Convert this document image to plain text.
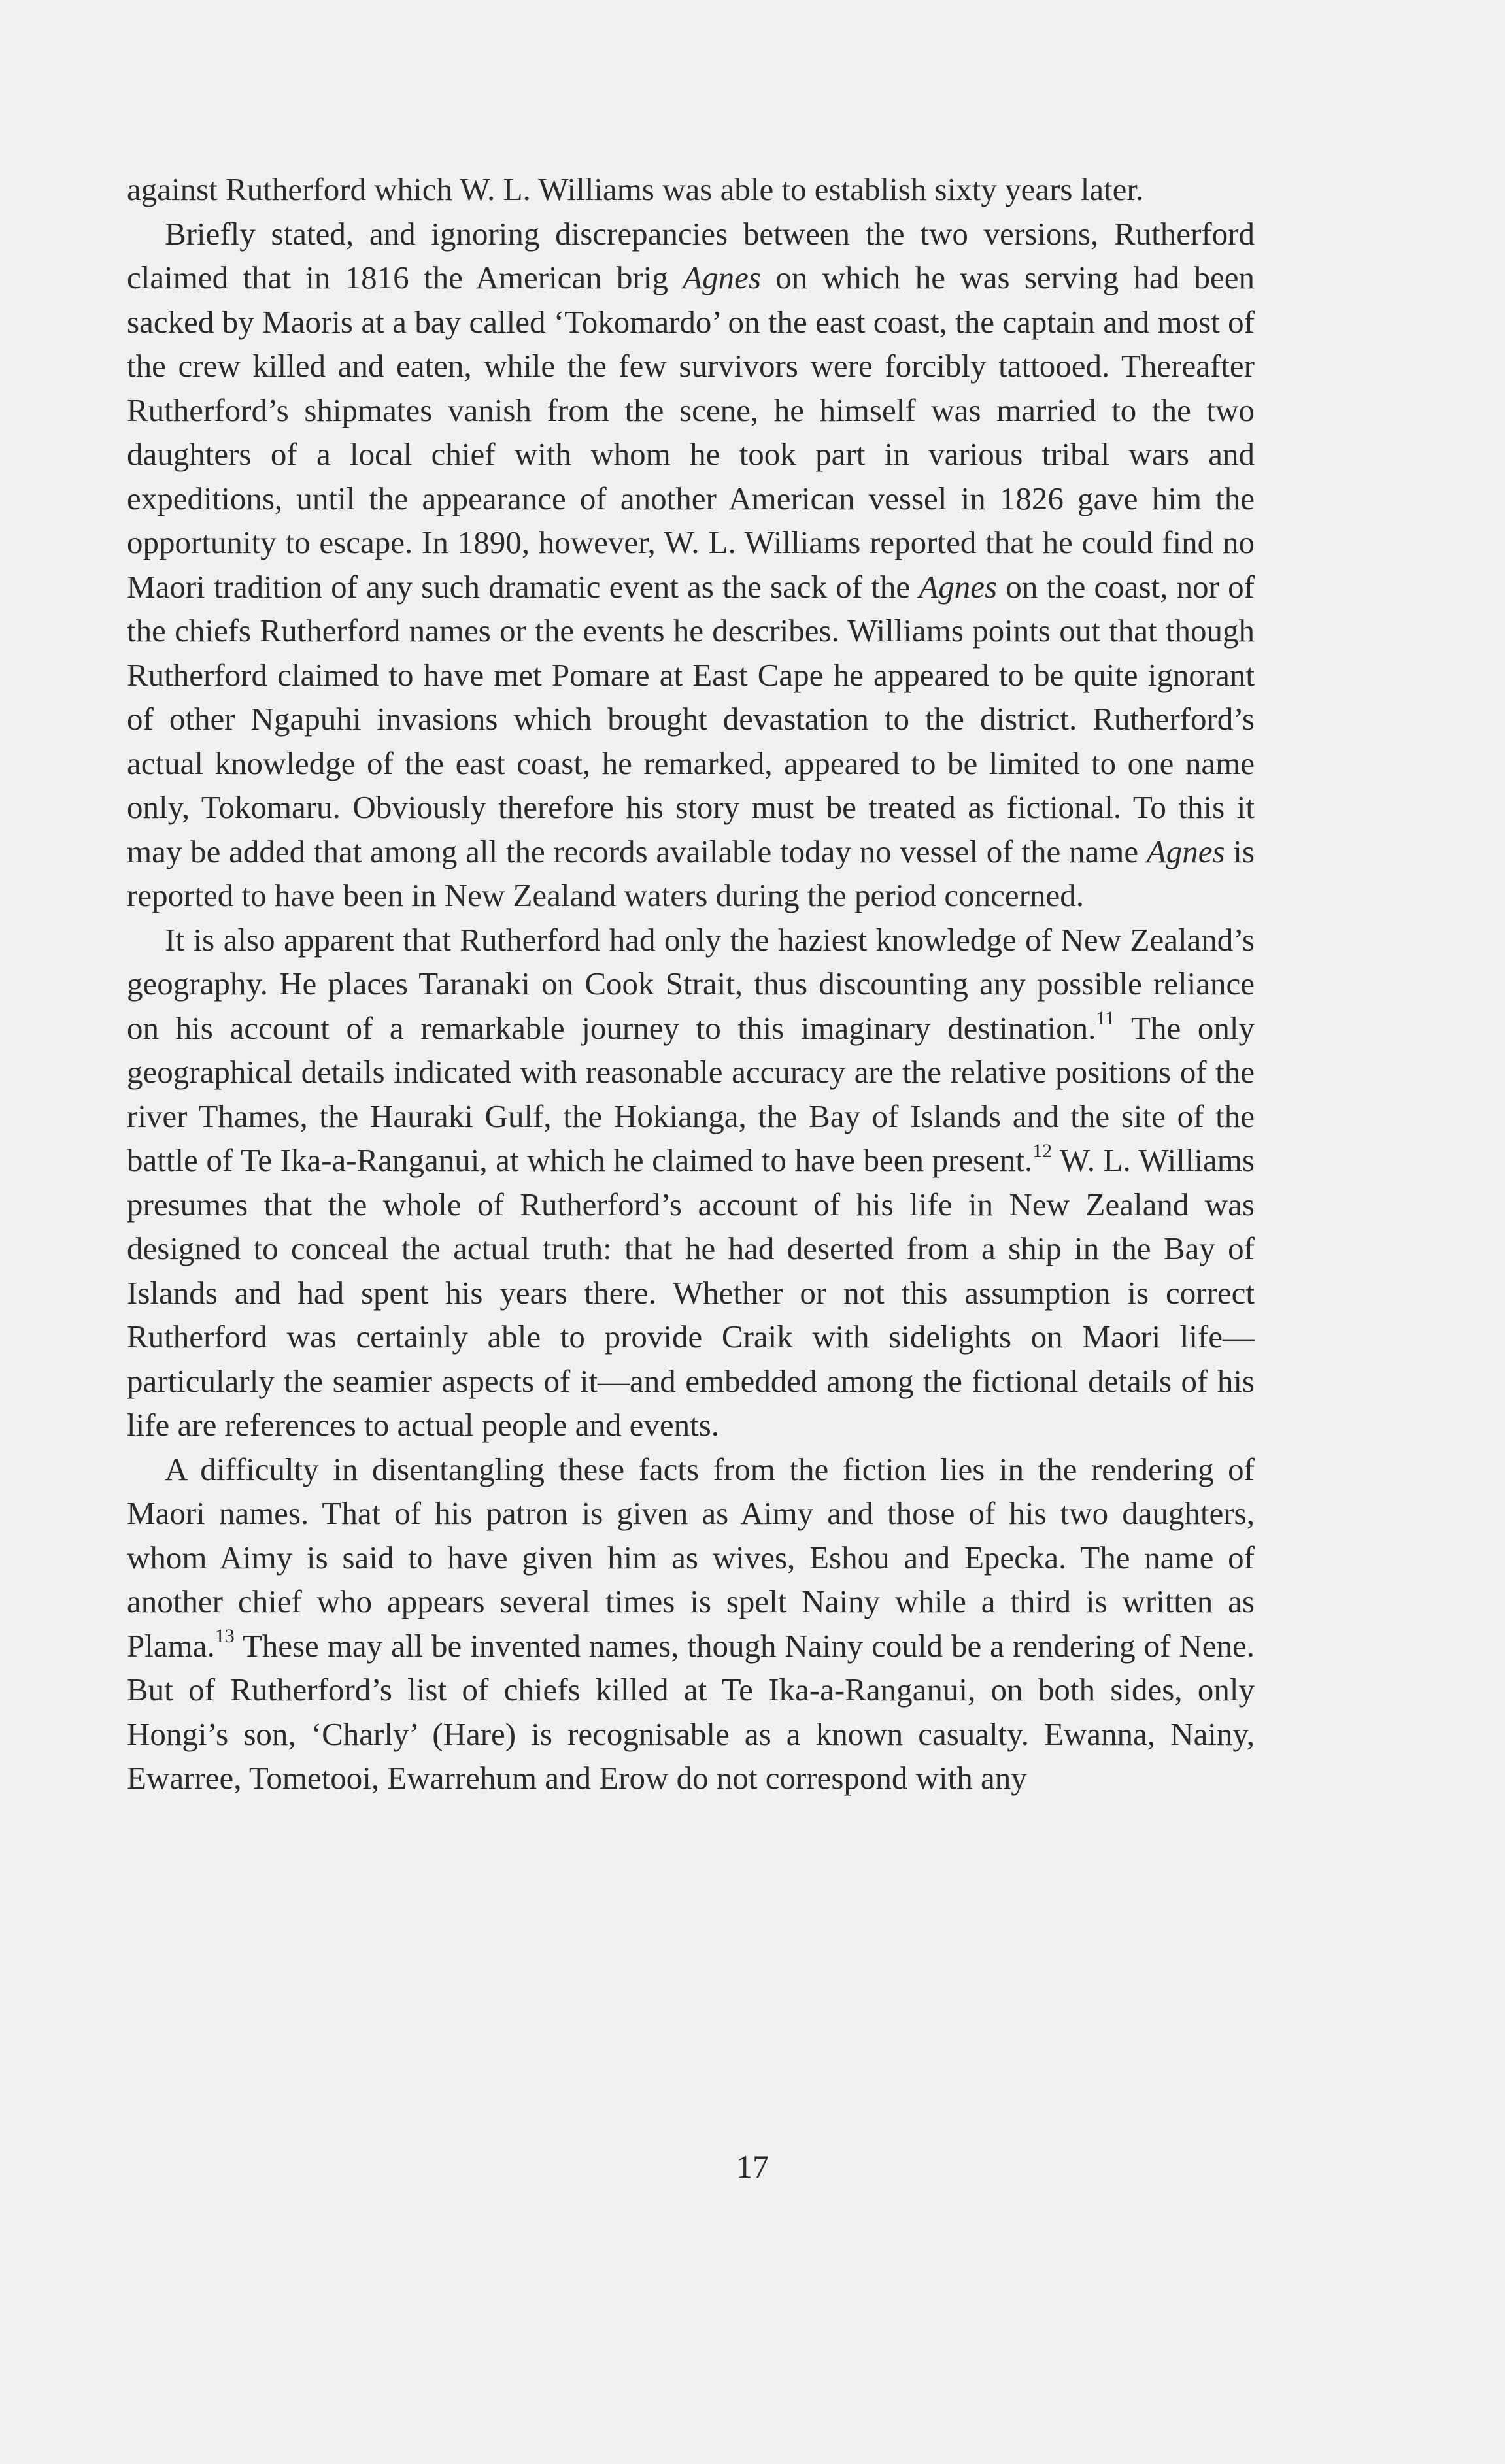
against Rutherford which W. L. Williams was able to establish sixty years later.

Briefly stated, and ignoring discrepancies between the two versions, Rutherford claimed that in 1816 the American brig Agnes on which he was serving had been sacked by Maoris at a bay called ‘Tokomardo’ on the east coast, the captain and most of the crew killed and eaten, while the few survivors were forcibly tattooed. Thereafter Rutherford’s shipmates vanish from the scene, he himself was married to the two daughters of a local chief with whom he took part in various tribal wars and expeditions, until the appearance of another American vessel in 1826 gave him the opportunity to escape. In 1890, however, W. L. Williams reported that he could find no Maori tradition of any such dramatic event as the sack of the Agnes on the coast, nor of the chiefs Rutherford names or the events he describes. Williams points out that though Rutherford claimed to have met Pomare at East Cape he appeared to be quite ignorant of other Ngapuhi invasions which brought devastation to the district. Rutherford’s actual knowledge of the east coast, he remarked, appeared to be limited to one name only, Tokomaru. Obviously therefore his story must be treated as fictional. To this it may be added that among all the records available today no vessel of the name Agnes is reported to have been in New Zealand waters during the period concerned.

It is also apparent that Rutherford had only the haziest knowledge of New Zealand’s geography. He places Taranaki on Cook Strait, thus discounting any possible reliance on his account of a remarkable journey to this imaginary destination.$^{11}$ The only geographical details indicated with reasonable accuracy are the relative positions of the river Thames, the Hauraki Gulf, the Hokianga, the Bay of Islands and the site of the battle of Te Ika-a-Ranganui, at which he claimed to have been present.$^{12}$ W. L. Williams presumes that the whole of Rutherford’s account of his life in New Zealand was designed to conceal the actual truth: that he had deserted from a ship in the Bay of Islands and had spent his years there. Whether or not this assumption is correct Rutherford was certainly able to provide Craik with sidelights on Maori life—particularly the seamier aspects of it—and embedded among the fictional details of his life are references to actual people and events.

A difficulty in disentangling these facts from the fiction lies in the rendering of Maori names. That of his patron is given as Aimy and those of his two daughters, whom Aimy is said to have given him as wives, Eshou and Epecka. The name of another chief who appears several times is spelt Nainy while a third is written as Plama.$^{13}$ These may all be invented names, though Nainy could be a rendering of Nene. But of Rutherford’s list of chiefs killed at Te Ika-a-Ranganui, on both sides, only Hongi’s son, ‘Charly’ (Hare) is recognisable as a known casualty. Ewanna, Nainy, Ewarree, Tometooi, Ewarrehum and Erow do not correspond with any

17
